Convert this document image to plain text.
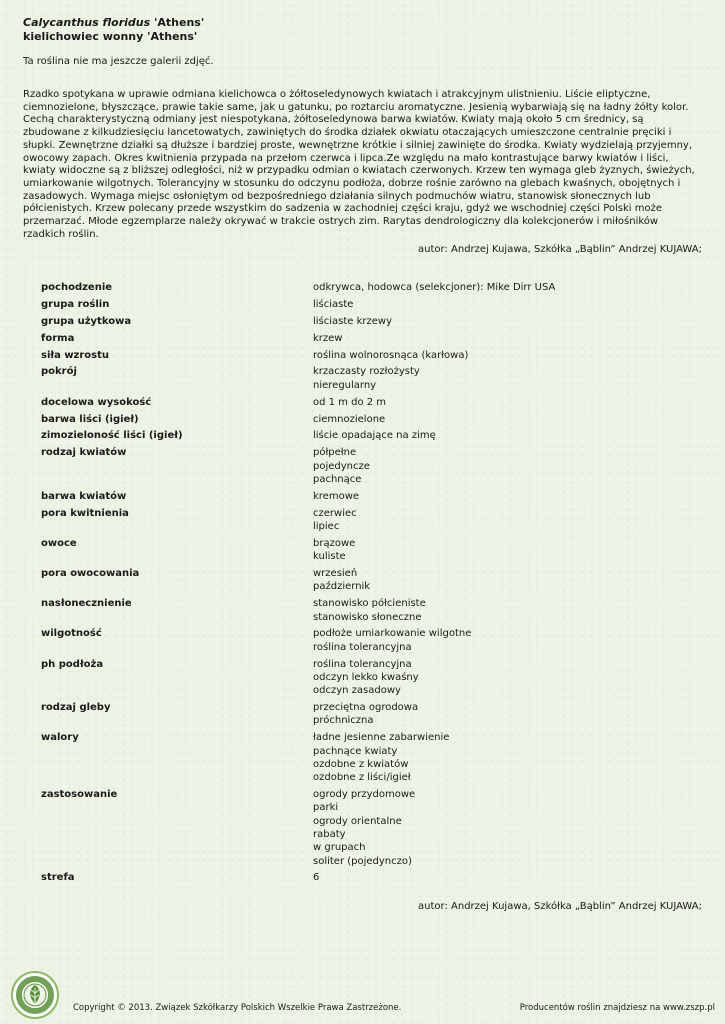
Calycanthus floridus 'Athens'
kielichowiec wonny 'Athens'
Ta roślina nie ma jeszcze galerii zdjęć.
Rzadko spotykana w uprawie odmiana kielichowca o żółtoseledynowych kwiatach i atrakcyjnym ulistnieniu. Liście eliptyczne, ciemnozielone, błyszczące, prawie takie same, jak u gatunku, po roztarciu aromatyczne. Jesienią wybarwiają się na ładny żółty kolor. Cechą charakterystyczną odmiany jest niespotykana, żółtoseledynowa barwa kwiatów. Kwiaty mają około 5 cm średnicy, są zbudowane z kilkudziesięciu lancetowatych, zawiniętych do środka działek okwiatu otaczających umieszczone centralnie pręciki i słupki. Zewnętrzne działki są dłuższe i bardziej proste, wewnętrzne krótkie i silniej zawinięte do środka. Kwiaty wydzielają przyjemny, owocowy zapach. Okres kwitnienia przypada na przełom czerwca i lipca.Ze względu na mało kontrastujące barwy kwiatów i liści, kwiaty widoczne są z bliższej odległości, niż w przypadku odmian o kwiatach czerwonych. Krzew ten wymaga gleb żyznych, świeżych, umiarkowanie wilgotnych. Tolerancyjny w stosunku do odczynu podłoża, dobrze rośnie zarówno na glebach kwaśnych, obojętnych i zasadowych. Wymaga miejsc osłoniętym od bezpośredniego działania silnych podmuchów wiatru, stanowisk słonecznych lub półcienistych. Krzew polecany przede wszystkim do sadzenia w zachodniej części kraju, gdyż we wschodniej części Polski może przemarzać. Młode egzemplarze należy okrywać w trakcie ostrych zim. Rarytas dendrologiczny dla kolekcjonerów i miłośników rzadkich roślin.
autor: Andrzej Kujawa, Szkółka „Bąblin” Andrzej KUJAWA;
pochodzenie	odkrywca, hodowca (selekcjoner): Mike Dirr USA
grupa roślin	liściaste
grupa użytkowa	liściaste krzewy
forma	krzew
siła wzrostu	roślina wolnorosnąca (karłowa)
pokrój	krzaczasty rozłożysty
nieregularny
docelowa wysokość	od 1 m do 2 m
barwa liści (igieł)	ciemnozielone
zimozieloność liści (igieł)	liście opadające na zimę
rodzaj kwiatów	półpełne
pojedyncze
pachnące
barwa kwiatów	kremowe
pora kwitnienia	czerwiec
lipiec
owoce	brązowe
kuliste
pora owocowania	wrzesień
październik
nasłonecznienie	stanowisko półcieniste
stanowisko słoneczne
wilgotność	podłoże umiarkowanie wilgotne
roślina tolerancyjna
ph podłoża	roślina tolerancyjna
odczyn lekko kwaśny
odczyn zasadowy
rodzaj gleby	przeciętna ogrodowa
próchniczna
walory	ładne jesienne zabarwienie
pachnące kwiaty
ozdobne z kwiatów
ozdobne z liści/igieł
zastosowanie	ogrody przydomowe
parki
ogrody orientalne
rabaty
w grupach
soliter (pojedynczo)
strefa	6
autor: Andrzej Kujawa, Szkółka „Bąblin” Andrzej KUJAWA;
Copyright © 2013. Związek Szkółkarzy Polskich Wszelkie Prawa Zastrzeżone.	Producentów roślin znajdziesz na www.zszp.pl
